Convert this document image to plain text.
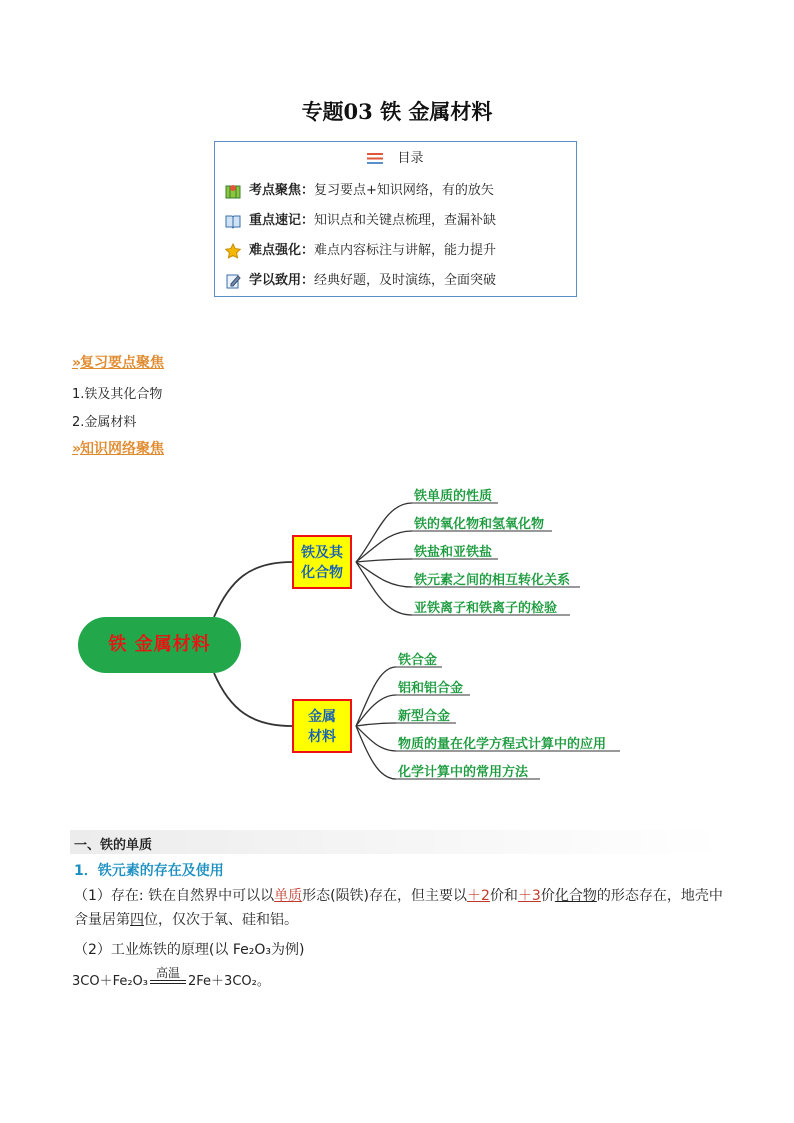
专题03 铁 金属材料
目录
考点聚焦：复习要点+知识网络，有的放矢
重点速记：知识点和关键点梳理，查漏补缺
难点强化：难点内容标注与讲解，能力提升
学以致用：经典好题，及时演练，全面突破
» 复习要点聚焦
1.铁及其化合物
2.金属材料
» 知识网络聚焦
铁 金属材料
铁及其
化合物
金属
材料
铁单质的性质
铁的氧化物和氢氧化物
铁盐和亚铁盐
铁元素之间的相互转化关系
亚铁离子和铁离子的检验
铁合金
铝和铝合金
新型合金
物质的量在化学方程式计算中的应用
化学计算中的常用方法
一、铁的单质
1．铁元素的存在及使用
（1）存在: 铁在自然界中可以以单质形态(陨铁)存在，但主要以＋2价和＋3价化合物的形态存在，地壳中
含量居第四位，仅次于氧、硅和铝。
（2）工业炼铁的原理(以 Fe₂O₃为例)
3CO＋Fe₂O₃
高温
2Fe＋3CO₂。
